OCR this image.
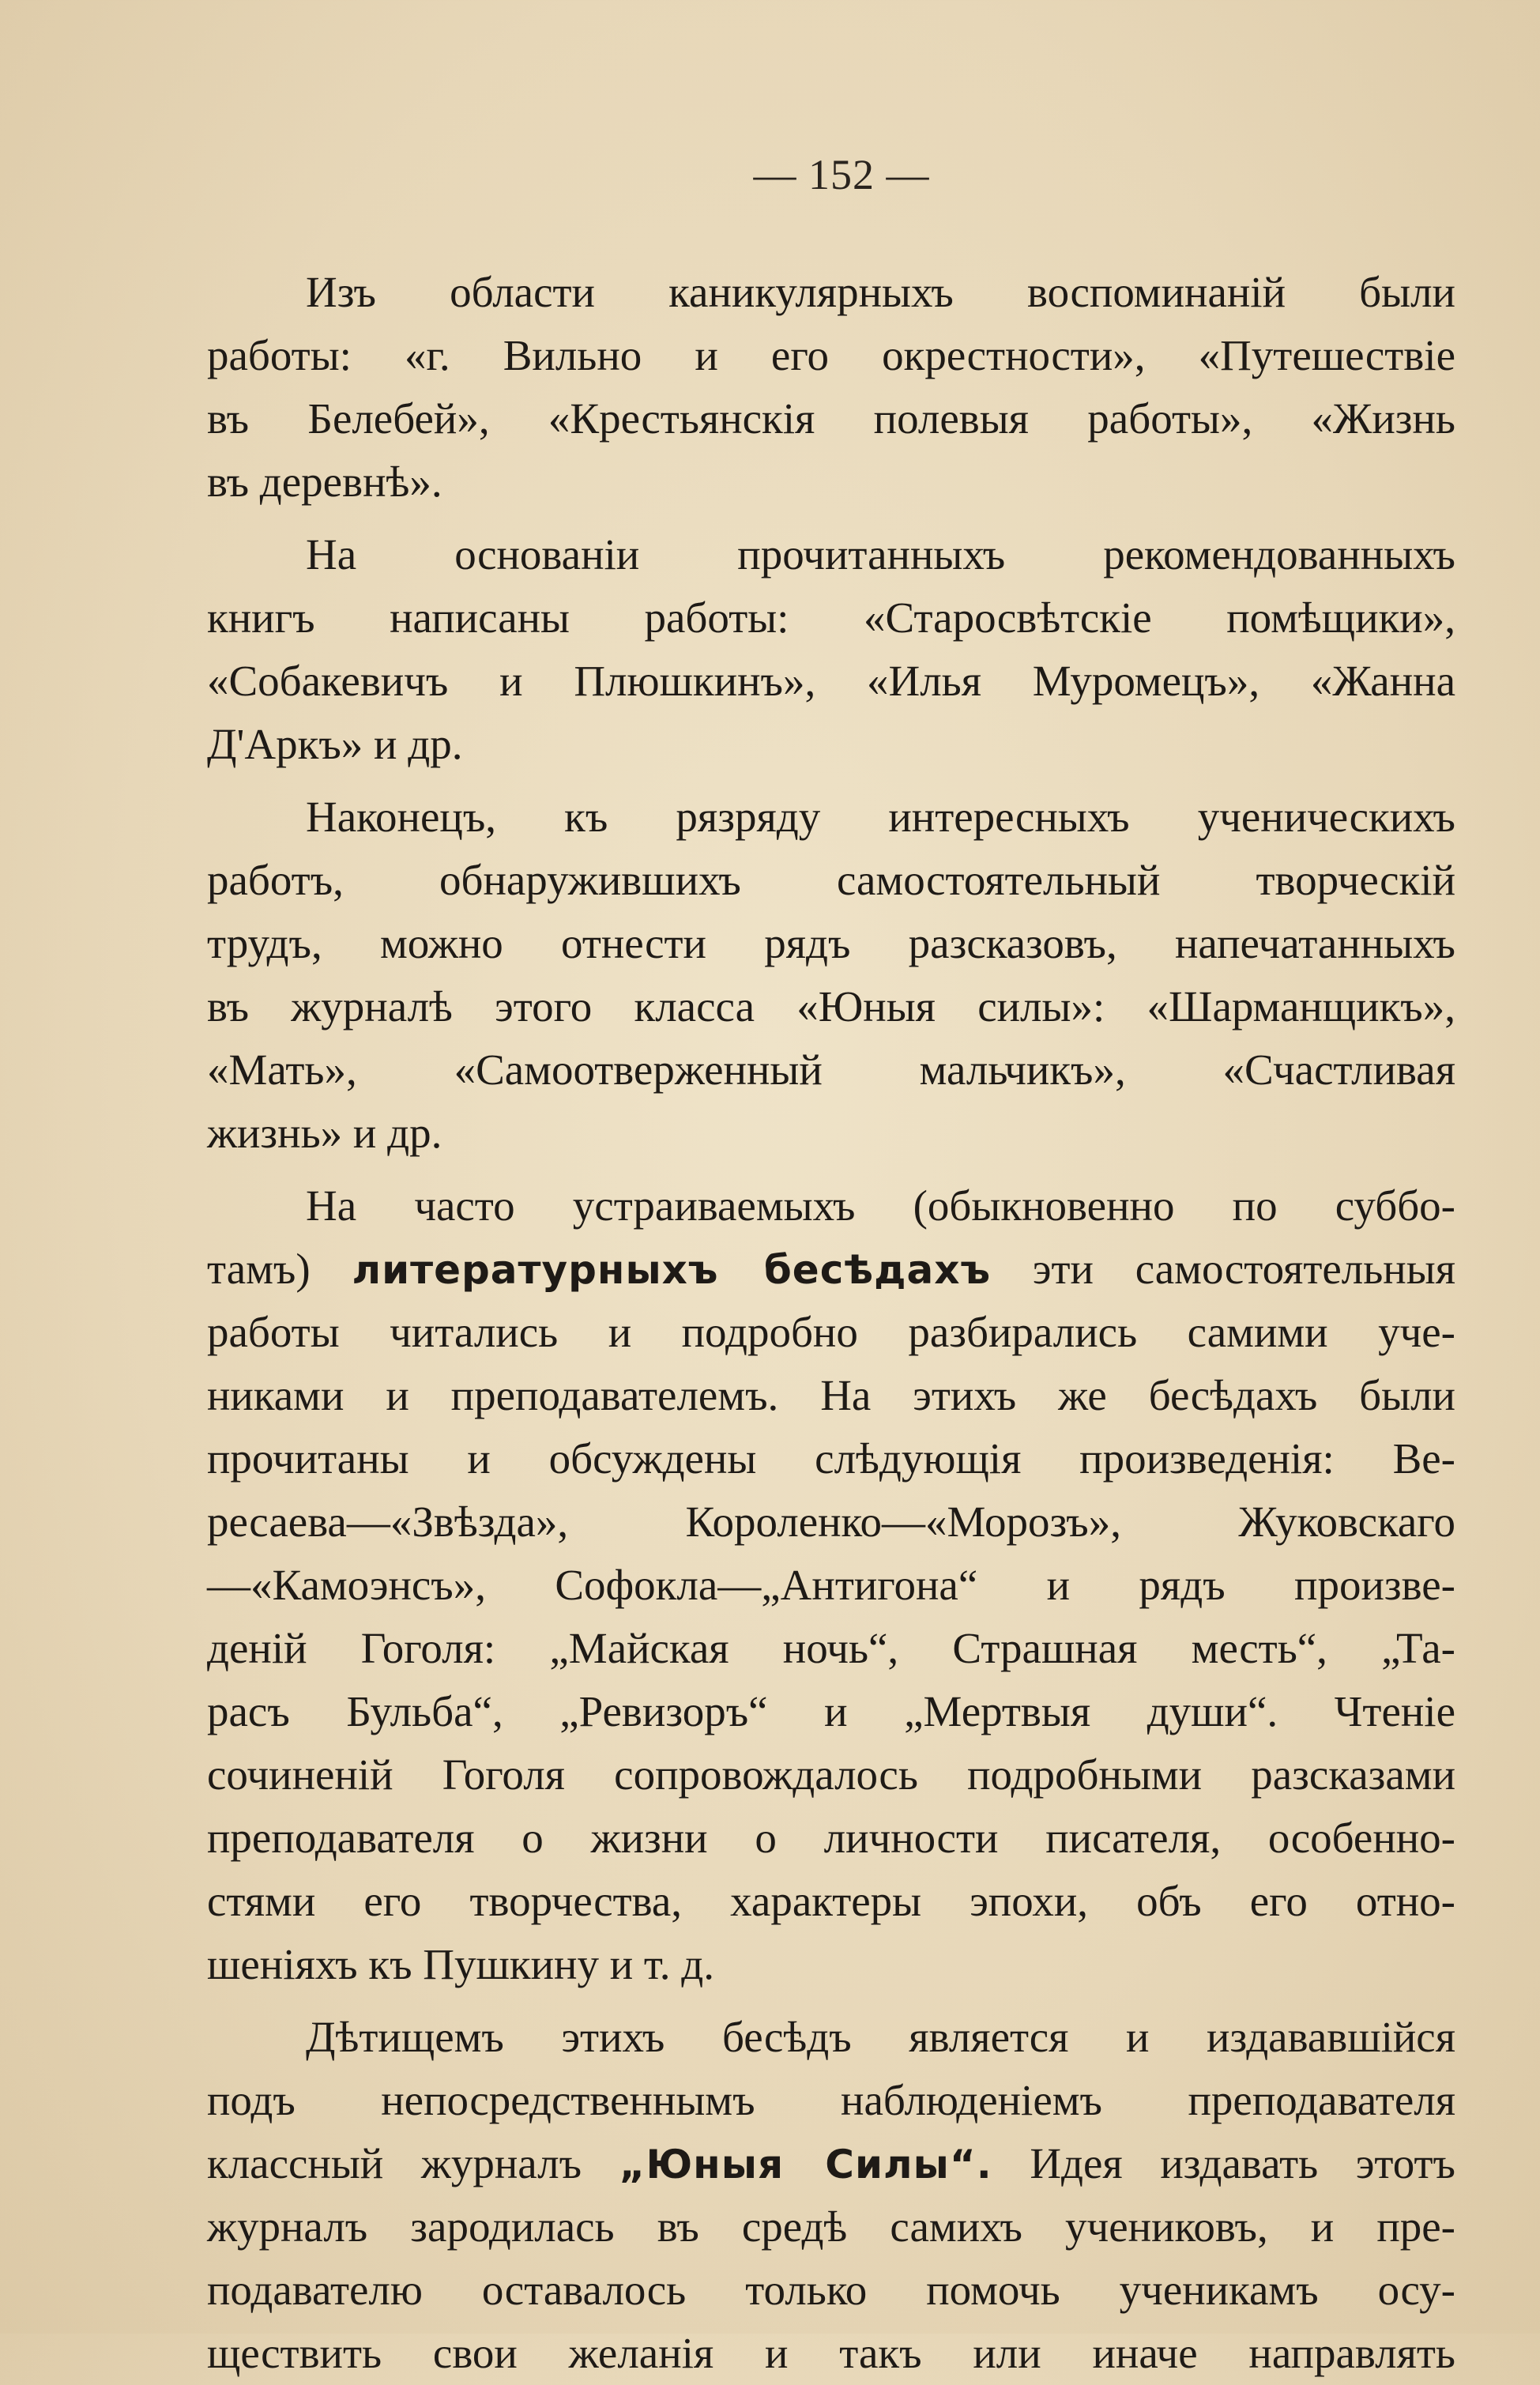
— 152 —
Изъ области каникулярныхъ воспоминаній были
работы: «г. Вильно и его окрестности», «Путешествіе
въ Белебей», «Крестьянскія полевыя работы», «Жизнь
въ деревнѣ».
На основаніи прочитанныхъ рекомендованныхъ
книгъ написаны работы: «Старосвѣтскіе помѣщики»,
«Собакевичъ и Плюшкинъ», «Илья Муромецъ», «Жанна
Д'Аркъ» и др.
Наконецъ, къ рязряду интересныхъ ученическихъ
работъ, обнаружившихъ самостоятельный творческій
трудъ, можно отнести рядъ разсказовъ, напечатанныхъ
въ журналѣ этого класса «Юныя силы»: «Шарманщикъ»,
«Мать», «Самоотверженный мальчикъ», «Счастливая
жизнь» и др.
На часто устраиваемыхъ (обыкновенно по суббо-
тамъ) литературныхъ бесѣдахъ эти самостоятельныя
работы читались и подробно разбирались самими уче-
никами и преподавателемъ. На этихъ же бесѣдахъ были
прочитаны и обсуждены слѣдующія произведенія: Ве-
ресаева—«Звѣзда», Короленко—«Морозъ», Жуковскаго
—«Камоэнсъ», Софокла—„Антигона“ и рядъ произве-
деній Гоголя: „Майская ночь“, Страшная месть“, „Та-
расъ Бульба“, „Ревизоръ“ и „Мертвыя души“. Чтеніе
сочиненій Гоголя сопровождалось подробными разсказами
преподавателя о жизни о личности писателя, особенно-
стями его творчества, характеры эпохи, объ его отно-
шеніяхъ къ Пушкину и т. д.
Дѣтищемъ этихъ бесѣдъ является и издававшійся
подъ непосредственнымъ наблюденіемъ преподавателя
классный журналъ „Юныя Силы“. Идея издавать этотъ
журналъ зародилась въ средѣ самихъ учениковъ, и пре-
подавателю оставалось только помочь ученикамъ осу-
ществить свои желанія и такъ или иначе направлять
